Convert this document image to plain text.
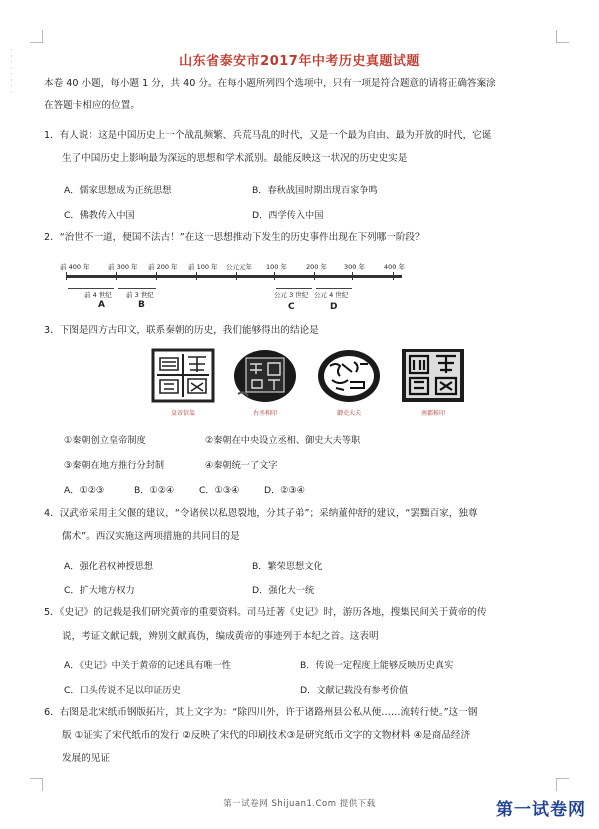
· · · · · · · ·
山东省泰安市2017年中考历史真题试题
本卷 40 小题，每小题 1 分，共 40 分。在每小题所列四个选项中，只有一项是符合题意的请将正确答案涂
在答题卡相应的位置。
1．有人说：这是中国历史上一个战乱频繁、兵荒马乱的时代，又是一个最为自由、最为开放的时代，它诞
生了中国历史上影响最为深远的思想和学术派别。最能反映这一状况的历史史实是
A．儒家思想成为正统思想	B．春秋战国时期出现百家争鸣
C．佛教传入中国	D．西学传入中国
2．“治世不一道，便国不法古！”在这一思想推动下发生的历史事件出现在下列哪一阶段？
前 400 年	前 300 年 前 200 年 前 100 年 公元元年 100 年	200 年	300 年	400 年
前 4 世纪 前 3 世纪	公元 3 世纪 公元 4 世纪
A	B	C	D
3．下图是四方古印文，联系秦朝的历史，我们能够得出的结论是
皇帝信玺	右丞相印	御史大夫	南郡候印
①秦朝创立皇帝制度	②秦朝在中央设立丞相、御史大夫等职
③秦朝在地方推行分封制	④秦朝统一了文字
A．①②③	B．①②④	C．①③④	D．②③④
4．汉武帝采用主父偃的建议，“令诸侯以私恩裂地，分其子弟”；采纳董仲舒的建议，“罢黜百家，独尊
儒术”。西汉实施这两项措施的共同目的是
A．强化君权神授思想	B．繁荣思想文化
C．扩大地方权力	D．强化大一统
5．《史记》的记载是我们研究黄帝的重要资料。司马迁著《史记》时，游历各地，搜集民间关于黄帝的传
说，考证文献记载，辨别文献真伪，编成黄帝的事迹列于本纪之首。这表明
A．《史记》中关于黄帝的记述具有唯一性	B．传说一定程度上能够反映历史真实
C．口头传说不足以印证历史	D．文献记载没有参考价值
6．右图是北宋纸币钢版拓片，其上文字为：“除四川外，许于诸路州县公私从便……流转行使。”这一钢
版 ①证实了宋代纸币的发行 ②反映了宋代的印刷技术③是研究纸币文字的文物材料 ④是商品经济
发展的见证
第一试卷网 Shijuan1.Com 提供下载	第一试卷网
